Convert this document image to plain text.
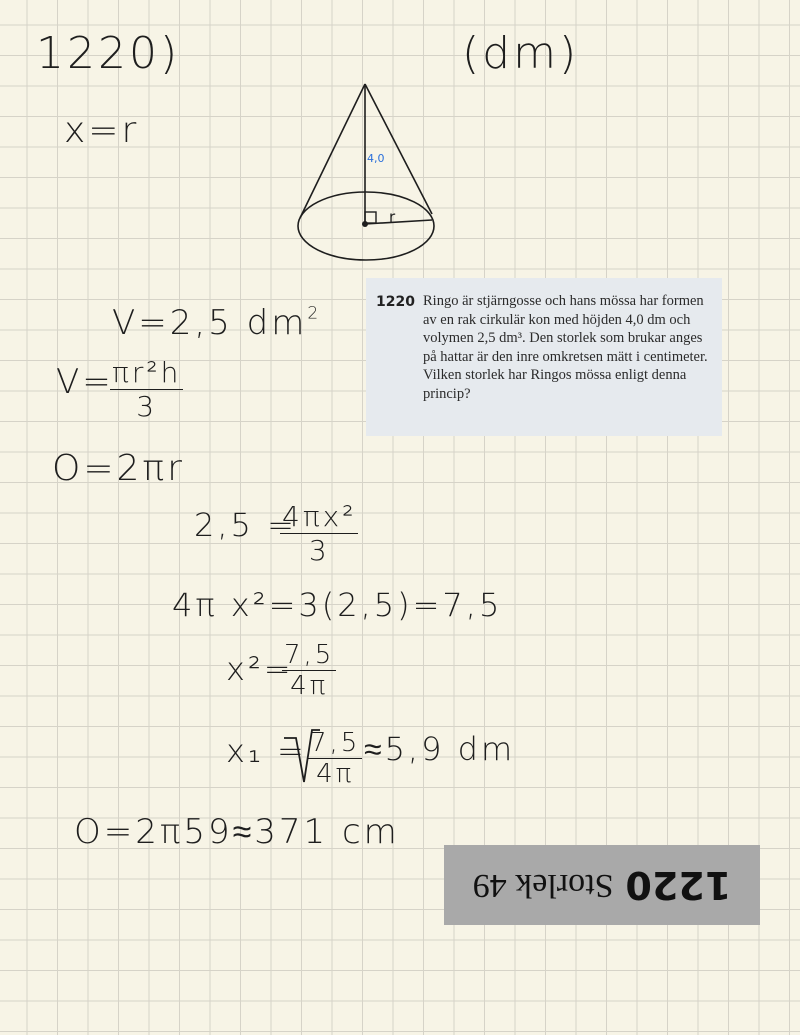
1220)	(dm)
x=r
4,0
r
1220 Ringo är stjärngosse och hans mössa har formen av en rak cirkulär kon med höjden 4,0 dm och volymen 2,5 dm³. Den storlek som brukar anges på hattar är den inre omkretsen mätt i centimeter. Vilken storlek har Ringos mössa enligt denna princip?
V=2,5 $dm^2$
V=
$\frac{\text{πr²h}}{3}$
O=2πr
2,5 =
$\frac{\text{4πx²}}{3}$
4π x²=3(2,5)=7,5
x²=
$\frac{7,5}{4\pi}$
$x_1 = \frac{7,5}{4\pi} \approx 5,9$ dm
O=2π59≈371 cm
1220
Storlek 49
